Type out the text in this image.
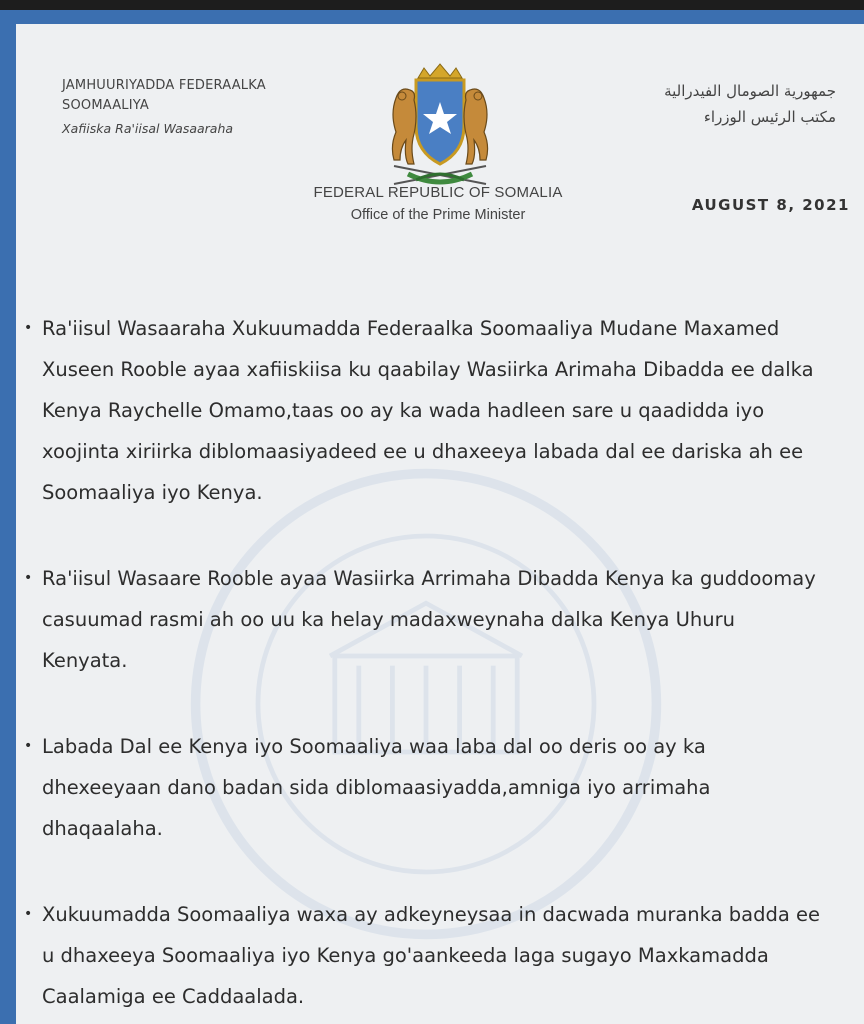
JAMHUURIYADDA FEDERAALKA
SOOMAALIYA
Xafiiska Ra'iisal Wasaaraha
جمهورية الصومال الفيدرالية
مكتب الرئيس الوزراء
FEDERAL REPUBLIC OF SOMALIA
Office of the Prime Minister
AUGUST 8, 2021
• Ra'iisul Wasaaraha Xukuumadda Federaalka Soomaaliya Mudane Maxamed Xuseen Rooble ayaa xafiiskiisa ku qaabilay Wasiirka Arimaha Dibadda ee dalka Kenya Raychelle Omamo,taas oo ay ka wada hadleen sare u qaadidda iyo xoojinta xiriirka diblomaasiyadeed ee u dhaxeeya labada dal ee dariska ah ee Soomaaliya iyo Kenya.
• Ra'iisul Wasaare Rooble ayaa Wasiirka Arrimaha Dibadda Kenya ka guddoomay casuumad rasmi ah oo uu ka helay madaxweynaha dalka Kenya Uhuru Kenyata.
• Labada Dal ee Kenya iyo Soomaaliya waa laba dal oo deris oo ay ka dhexeeyaan dano badan sida diblomaasiyadda,amniga iyo arrimaha dhaqaalaha.
• Xukuumadda Soomaaliya waxa ay adkeyneysaa in dacwada muranka badda ee u dhaxeeya Soomaaliya iyo Kenya go'aankeeda laga sugayo Maxkamadda Caalamiga ee Caddaalada.
